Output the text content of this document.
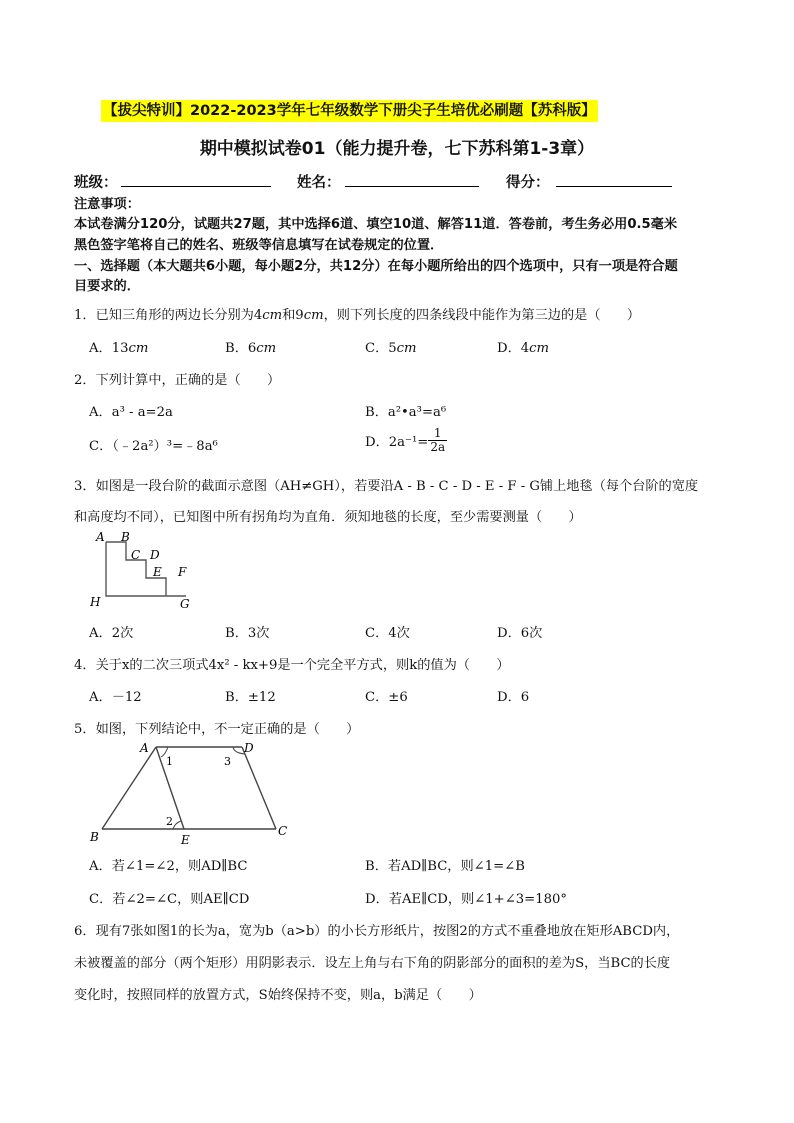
【拔尖特训】2022-2023学年七年级数学下册尖子生培优必刷题【苏科版】
期中模拟试卷01（能力提升卷，七下苏科第1-3章）
班级：	姓名：	得分：
注意事项：
本试卷满分120分，试题共27题，其中选择6道、填空10道、解答11道．答卷前，考生务必用0.5毫米
黑色签字笔将自己的姓名、班级等信息填写在试卷规定的位置．
一、选择题（本大题共6小题，每小题2分，共12分）在每小题所给出的四个选项中，只有一项是符合题
目要求的．
1．已知三角形的两边长分别为4cm和9cm，则下列长度的四条线段中能作为第三边的是（　　）
A．13cm	B．6cm	C．5cm	D．4cm
2．下列计算中，正确的是（　　）
A．a³ - a=2a	B．a²•a³=a⁶
C．（﹣2a²）³=﹣8a⁶	D．$2a^{-1}= \frac{1}{2a}$
3．如图是一段台阶的截面示意图（AH≠GH），若要沿A - B - C - D - E - F - G铺上地毯（每个台阶的宽度
和高度均不同），已知图中所有拐角均为直角．须知地毯的长度，至少需要测量（　　）
A B
C D
E F
G
H
A．2次	B．3次	C．4次	D．6次
4．关于x的二次三项式4x² - kx+9是一个完全平方式，则k的值为（　　）
A．－12	B．±12	C．±6	D．6
5．如图，下列结论中，不一定正确的是（　　）
A	D
B	C
E
1
2
3
A．若∠1=∠2，则AD∥BC	B．若AD∥BC，则∠1=∠B
C．若∠2=∠C，则AE∥CD	D．若AE∥CD，则∠1+∠3=180°
6．现有7张如图1的长为a，宽为b（a>b）的小长方形纸片，按图2的方式不重叠地放在矩形ABCD内，
未被覆盖的部分（两个矩形）用阴影表示．设左上角与右下角的阴影部分的面积的差为S，当BC的长度
变化时，按照同样的放置方式，S始终保持不变，则a，b满足（　　）
